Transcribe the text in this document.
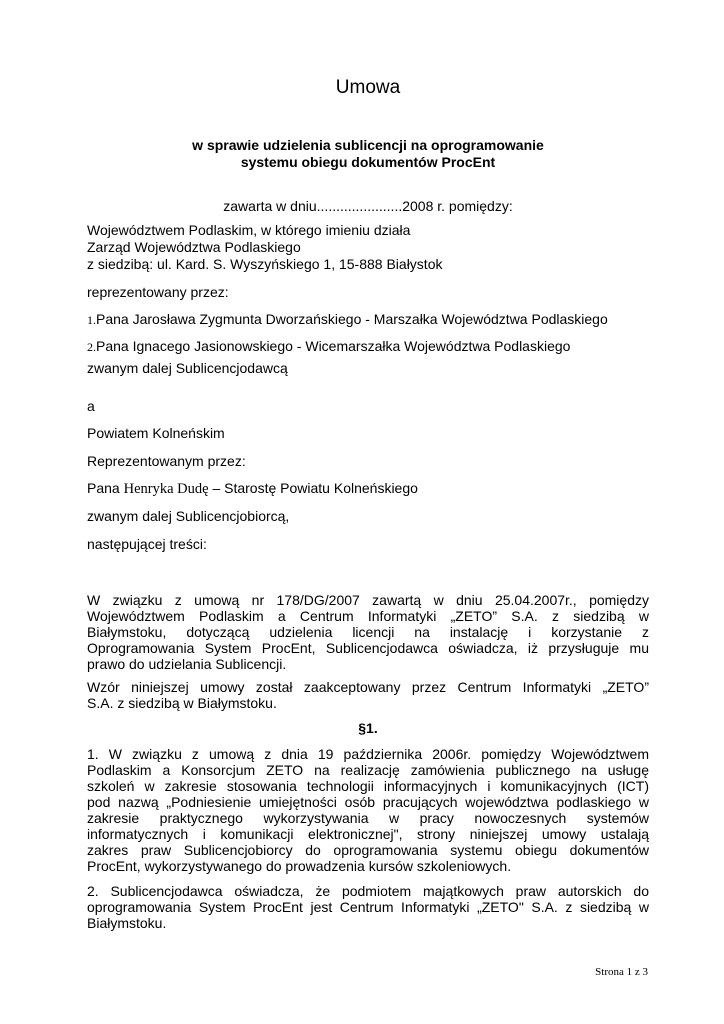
Umowa

w sprawie udzielenia sublicencji na oprogramowanie

systemu obiegu dokumentów ProcEnt

zawarta w dniu......................2008 r. pomiędzy:

Województwem Podlaskim, w którego imieniu działa

Zarząd Województwa Podlaskiego

z siedzibą: ul. Kard. S. Wyszyńskiego 1, 15-888 Białystok

reprezentowany przez:

1.Pana Jarosława Zygmunta Dworzańskiego - Marszałka Województwa Podlaskiego

2.Pana Ignacego Jasionowskiego - Wicemarszałka Województwa Podlaskiego

zwanym dalej Sublicencjodawcą

a

Powiatem Kolneńskim

Reprezentowanym przez:

Pana Henryka Dudę – Starostę Powiatu Kolneńskiego

zwanym dalej Sublicencjobiorcą,

następującej treści:

W związku z umową nr 178/DG/2007 zawartą w dniu 25.04.2007r., pomiędzy
Województwem Podlaskim a Centrum Informatyki „ZETO” S.A. z siedzibą w
Białymstoku, dotyczącą udzielenia licencji na instalację i korzystanie z
Oprogramowania System ProcEnt, Sublicencjodawca oświadcza, iż przysługuje mu
prawo do udzielania Sublicencji.
Wzór niniejszej umowy został zaakceptowany przez Centrum Informatyki „ZETO”
S.A. z siedzibą w Białymstoku.

§1.

1. W związku z umową z dnia 19 października 2006r. pomiędzy Województwem
Podlaskim a Konsorcjum ZETO na realizację zamówienia publicznego na usługę
szkoleń w zakresie stosowania technologii informacyjnych i komunikacyjnych (ICT)
pod nazwą „Podniesienie umiejętności osób pracujących województwa podlaskiego w
zakresie praktycznego wykorzystywania w pracy nowoczesnych systemów
informatycznych i komunikacji elektronicznej", strony niniejszej umowy ustalają
zakres praw Sublicencjobiorcy do oprogramowania systemu obiegu dokumentów
ProcEnt, wykorzystywanego do prowadzenia kursów szkoleniowych.
2. Sublicencjodawca oświadcza, że podmiotem majątkowych praw autorskich do
oprogramowania System ProcEnt jest Centrum Informatyki „ZETO" S.A. z siedzibą w
Białymstoku.

Strona 1 z 3
